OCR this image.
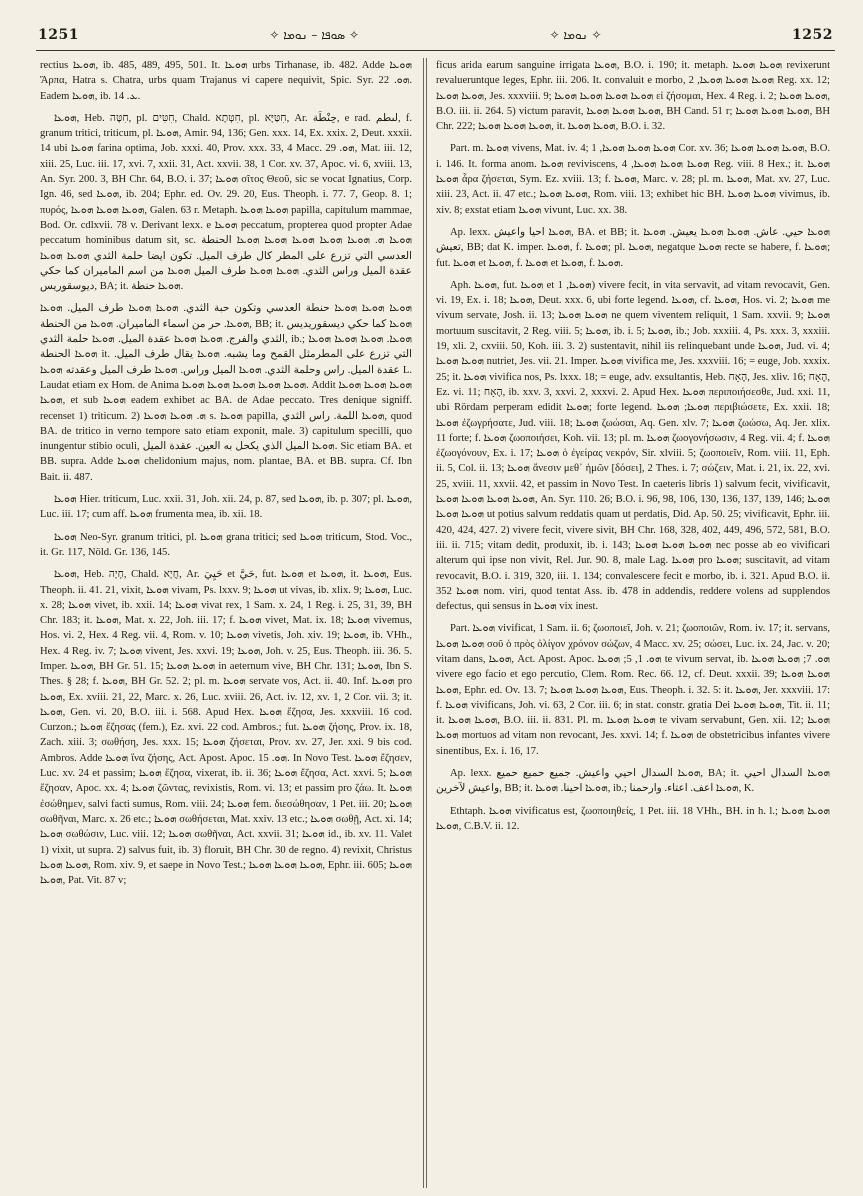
1251	✧ ܣܘܦܐ – ܢܘܡܐ ✧	✧ ܢܘܡܐ ✧	1252

rectius ܗܘܥܐ, ib. 485, 489, 495, 501. It. ܗܘܥܐ urbs Tirhanase, ib. 482. Adde ܗܘܥܐ Ἄρπα, Hatra s. Chatra, urbs quam Trajanus vi capere nequivit, Spic. Syr. ܗܘ. 22. Eadem ܗܘܥܐ, ib. ܥ. 14.

ܗܘܥܐ, Heb. חִטָּה, pl. חִטִּים, Chald. חִטְּתָא, pl. חִטַּיָּא, Ar. حِنْطَة, e rad. لىطم, f. granum tritici, triticum, pl. ܗܘܥܐ, Amir. 94, 136; Gen. xxx. 14, Ex. xxix. 2, Deut. xxxii. 14 ubi ܗܘܥܐ farina optima, Job. xxxi. 40, Prov. xxx. 33, 4 Macc. ܗܘ. 29, Mat. iii. 12, xiii. 25, Luc. iii. 17, xvi. 7, xxii. 31, Act. xxvii. 38, 1 Cor. xv. 37, Apoc. vi. 6, xviii. 13, An. Syr. 200. 3, BH Chr. 64, B.O. i. 37; ܗܘܥܐ σῖτος Θεοῦ, sic se vocat Ignatius, Corp. Ign. 46, sed ܗܘܥܐ, ib. 204; Ephr. ed. Ov. 29. 20, Eus. Theoph. i. 77. 7, Geop. 8. 1; πυρός, ܗܘܥܐ ܗܘܥܐ ܗܘܥܐ, Galen. 63 r. Metaph. ܗܘܥܐ ܗܘܥܐ papilla, capitulum mammae, Bod. Or. cdlxvii. 78 v. Derivant lexx. e ܗܘܥܐ peccatum, propterea quod propter Adae peccatum hominibus datum sit, sc. ܗܘܥܐ ܗ. ܗܘܥܐ ܗܘܥܐ ܗܘܥܐ ܗܘܥܐ ܗܘܥܐ الحنطة العدسي التي تزرع على المطر كال طرف الميل. تكون ايضا حلمة الثدي ܗܘܥܐ ܗܘܥܐ عقدة الميل وراس الثدي. ܗܘܥܐ ܗܘܥܐ طرف الميل ܗܘܥܐ من اسم الماميران كما حكي ديوسقوريس, BA; it. ܗܘܥܐ حنطة.

ܗܘܥܐ ܗܘܥܐ ܗܘܥܐ حنطة العدسي وتكون حبة الثدي. ܗܘܥܐ ܗܘܥܐ طرف الميل. ܗܘܥܐ ܗܘܥܐ. حر من اسماء الماميران. ܗܘܥܐ من الحنطة, BB; it. ܗܘܥܐ كما حكي ديسقوريديس الثدي والفرج. ܗܘܥܐ ܗܘܥܐ عقدة الميل. ܗܘܥܐ حلمة الثدي, ib.; ܗܘܥܐ. ܗܘܥܐ ܗܘܥܐ ܗܘܥܐ ܗܘܥܐ الحنطة it. التي تزرع على المطرمثل القمح وما يشبه. ܗܘܥܐ يقال طرف الميل. عقدة الميل. راس وحلمة الثدي. ܗܘܥܐ الميل وراس. ܗܘܥܐ طرف الميل وعقدته ܗܘܥܐ L. Laudat etiam ex Hom. de Anima ܗܘܥܐ ܗܘܥܐ ܗܘܥܐ ܗܘܥܐ ܗܘܥܐ. Addit ܗܘܥܐ ܗܘܥܐ ܗܘܥܐ ܗܘܥܐ, et sub ܗܘܥܐ eadem exhibet ac BA. de Adae peccato. Tres denique signiff. recenset 1) triticum. 2) ܗ. ܗܘܥܐ ܗܘܥܐ s. ܗܘܥܐ papilla, ܗܘܥܐ اللمة. راس الثدي, quod BA. de tritico in verno tempore sato etiam exponit, male. 3) capitulum specilli, quo inungentur stibio oculi, ܗܘܥܐ الميل الذي يكحل به العين. عقدة الميل. Sic etiam BA. et BB. supra. Adde ܗܘܥܐ chelidonium majus, nom. plantae, BA. et BB. supra. Cf. Ibn Bait. ii. 487.

ܗܘܥܐ Hier. triticum, Luc. xxii. 31, Joh. xii. 24, p. 87, sed ܗܘܥܐ, ib. p. 307; pl. ܗܘܥܐ, Luc. iii. 17; cum aff. ܗܘܥܐ frumenta mea, ib. xii. 18.

ܗܘܥܐ Neo-Syr. granum tritici, pl. ܗܘܥܐ grana tritici; sed ܗܘܥܐ triticum, Stod. Voc., it. Gr. 117, Nöld. Gr. 136, 145.

ܗܘܥܐ, Heb. חָיָה, Chald. חֲיָא, Ar. حَيِيَ et حَيَّ, fut. ܗܘܥܐ et ܗܘܥܐ, it. ܗܘܥܐ, Eus. Theoph. ii. 41. 21, vixit, ܗܘܥܐ vivam, Ps. lxxv. 9; ܗܘܥܐ ut vivas, ib. xlix. 9; ܗܘܥܐ, Luc. x. 28; ܗܘܥܐ vivet, ib. xxii. 14; ܗܘܥܐ vivat rex, 1 Sam. x. 24, 1 Reg. i. 25, 31, 39, BH Chr. 183; it. ܗܘܥܐ, Mat. x. 22, Joh. iii. 17; f. ܗܘܥܐ vivet, Mat. ix. 18; ܗܘܥܐ vivemus, Hos. vi. 2, Hex. 4 Reg. vii. 4, Rom. v. 10; ܗܘܥܐ vivetis, Joh. xiv. 19; ܗܘܥܐ, ib. VHh., Hex. 4 Reg. iv. 7; ܗܘܥܐ vivent, Jes. xxvi. 19; ܗܘܥܐ, Joh. v. 25, Eus. Theoph. iii. 36. 5. Imper. ܗܘܥܐ, BH Gr. 51. 15; ܗܘܥܐ ܗܘܥܐ in aeternum vive, BH Chr. 131; ܗܘܥܐ, Ibn S. Thes. § 28; f. ܗܘܥܐ, BH Gr. 52. 2; pl. m. ܗܘܥܐ servate vos, Act. ii. 40. Inf. ܗܘܥܐ pro ܗܘܥܐ, Ex. xviii. 21, 22, Marc. x. 26, Luc. xviii. 26, Act. iv. 12, xv. 1, 2 Cor. vii. 3; it. ܗܘܥܐ, Gen. vi. 20, B.O. iii. i. 568. Apud Hex. ܗܘܥܐ ἔζησα, Jes. xxxviii. 16 cod. Curzon.; ܗܘܥܐ ἔζησας (fem.), Ez. xvi. 22 cod. Ambros.; fut. ܗܘܥܐ ζήσης, Prov. ix. 18, Zach. xiii. 3; σωθήση, Jes. xxx. 15; ܗܘܥܐ ζήσεται, Prov. xv. 27, Jer. xxi. 9 bis cod. Ambros. Adde ܗܘܥܐ ἵνα ζήσης, Act. Apost. Apoc. ܗܘ. 15. In Novo Test. ܗܘܥܐ ἔζησεν, Luc. xv. 24 et passim; ܗܘܥܐ ἔζησα, vixerat, ib. ii. 36; ܗܘܥܐ ἔζησα, Act. xxvi. 5; ܗܘܥܐ ἔζησαν, Apoc. xx. 4; ܗܘܥܐ ζῶντας, revixistis, Rom. vi. 13; et passim pro ζάω. It. ܗܘܥܐ ἐσώθημεν, salvi facti sumus, Rom. viii. 24; ܗܘܥܐ fem. διεσώθησαν, 1 Pet. iii. 20; ܗܘܥܐ σωθῆναι, Marc. x. 26 etc.; ܗܘܥܐ σωθήσεται, Mat. xxiv. 13 etc.; ܗܘܥܐ σωθῇ, Act. xi. 14; ܗܘܥܐ σωθώσιν, Luc. viii. 12; ܗܘܥܐ σωθῆναι, Act. xxvii. 31; ܗܘܥܐ id., ib. xv. 11. Valet 1) vixit, ut supra. 2) salvus fuit, ib. 3) floruit, BH Chr. 30 de regno. 4) revixit, Christus ܗܘܥܐ ܗܘܥܐ, Rom. xiv. 9, et saepe in Novo Test.; ܗܘܥܐ ܗܘܥܐ ܗܘܥܐ, Ephr. iii. 605; ܗܘܥܐ ܗܘܥܐ, Pat. Vit. 87 v;

ficus arida earum sanguine irrigata ܗܘܥܐ, B.O. i. 190; it. metaph. ܗܘܥܐ ܗܘܥܐ revixerunt revalueruntque leges, Ephr. iii. 206. It. convaluit e morbo, ܗܘܥܐ ܗܘܥܐ ܗܘܥܐ, 2 Reg. xx. 12; ܗܘܥܐ ܗܘܥܐ, Jes. xxxviii. 9; ܗܘܥܐ ܗܘܥܐ ܗܘܥܐ ܗܘܥܐ εἰ ζήσομαι, Hex. 4 Reg. i. 2; ܗܘܥܐ ܗܘܥܐ, B.O. iii. ii. 264. 5) victum paravit, ܗܘܥܐ ܗܘܥܐ ܗܘܥܐ, BH Cand. 51 r; ܗܘܥܐ ܗܘܥܐ ܗܘܥܐ, BH Chr. 222; ܗܘܥܐ ܗܘܥܐ ܗܘܥܐ, it. ܗܘܥܐ ܗܘܥܐ, B.O. i. 32.

Part. m. ܗܘܥܐ vivens, Mat. iv. 4; ܗܘܥܐ ܗܘܥܐ ܗܘܥܐ, 1 Cor. xv. 36; ܗܘܥܐ ܗܘܥܐ ܗܘܥܐ, B.O. i. 146. It. forma anom. ܗܘܥܐ reviviscens, ܗܘܥܐ ܗܘܥܐ ܗܘܥܐ, 4 Reg. viii. 8 Hex.; it. ܗܘܥܐ ܗܘܥܐ ἆρα ζήσεται, Sym. Ez. xviii. 13; f. ܗܘܥܐ, Marc. v. 28; pl. m. ܗܘܥܐ, Mat. xv. 27, Luc. xiii. 23, Act. ii. 47 etc.; ܗܘܥܐ ܗܘܥܐ, Rom. viii. 13; exhibet hic BH. ܗܘܥܐ ܗܘܥܐ vivimus, ib. xiv. 8; exstat etiam ܗܘܥܐ vivunt, Luc. xx. 38.

Ap. lexx. ܗܘܥܐ احيا واعيش, BA. et BB; it. ܗܘܥܐ حيي. عاش. ܗܘܥܐ ܗܘܥܐ يعيش. ܗܘܥܐ تعيش, BB; dat K. imper. ܗܘܥܐ, f. ܗܘܥܐ; pl. ܗܘܥܐ, negatque ܗܘܥܐ recte se habere, f. ܗܘܥܐ; fut. ܗܘܥܐ et ܗܘܥܐ, f. ܗܘܥܐ et ܗܘܥܐ, f. ܗܘܥܐ.

Aph. ܗܘܥܐ, fut. ܗܘܥܐ et ܗܘܥܐ, 1) vivere fecit, in vita servavit, ad vitam revocavit, Gen. vi. 19, Ex. i. 18; ܗܘܥܐ, Deut. xxx. 6, ubi forte legend. ܗܘܥܐ, cf. ܗܘܥܐ, Hos. vi. 2; ܗܘܥܐ me vivum servate, Josh. ii. 13; ܗܘܥܐ ܗܘܥܐ ne quem viventem reliquit, 1 Sam. xxvii. 9; ܗܘܥܐ mortuum suscitavit, 2 Reg. viii. 5; ܗܘܥܐ, ib. i. 5; ܗܘܥܐ, ib.; Job. xxxiii. 4, Ps. xxx. 3, xxxiii. 19, xli. 2, cxviii. 50, Koh. iii. 3. 2) sustentavit, nihil iis relinquebant unde ܗܘܥܐ, Jud. vi. 4; ܗܘܥܐ ܗܘܥܐ nutriet, Jes. vii. 21. Imper. ܗܘܥܐ vivifica me, Jes. xxxviii. 16; = euge, Job. xxxix. 25; it. ܗܘܥܐ vivifica nos, Ps. lxxx. 18; = euge, adv. exsultantis, Heb. הֶאָח, Jes. xliv. 16; הֶאָח, Ez. vi. 11; הֶאָח, ib. xxv. 3, xxvi. 2, xxxvi. 2. Apud Hex. ܗܘܥܐ περιποιήσεσθε, Jud. xxi. 11, ubi Rördam perperam edidit ܗܘܥܐ; forte legend. ܗܘܥܐ; ܗܘܥܐ περιβιώσετε, Ex. xxii. 18; ܗܘܥܐ ἐζωγρήσατε, Jud. viii. 18; ܗܘܥܐ ζωώσαι, Aq. Gen. xlv. 7; ܗܘܥܐ ζωώσω, Aq. Jer. xlix. 11 forte; f. ܗܘܥܐ ζωοποιήσει, Koh. vii. 13; pl. m. ܗܘܥܐ ζωογονήσωσιν, 4 Reg. vii. 4; f. ܗܘܥܐ ἐζωογόνουν, Ex. i. 17; ܗܘܥܐ ὁ ἐγείρας νεκρόν, Sir. xlviii. 5; ζωοποιεῖν, Rom. viii. 11, Eph. ii. 5, Col. ii. 13; ܗܘܥܐ ἄνεσιν μεθ᾽ ἡμῶν [δόσει], 2 Thes. i. 7; σώζειν, Mat. i. 21, ix. 22, xvi. 25, xviii. 11, xxvii. 42, et passim in Novo Test. In caeteris libris 1) salvum fecit, vivificavit, ܗܘܥܐ ܗܘܥܐ ܗܘܥܐ ܗܘܥܐ, An. Syr. 110. 26; B.O. i. 96, 98, 106, 130, 136, 137, 139, 146; ܗܘܥܐ ܗܘܥܐ ܗܘܥܐ ut potius salvum reddatis quam ut perdatis, Did. Ap. 50. 25; vivificavit, Ephr. iii. 420, 424, 427. 2) vivere fecit, vivere sivit, BH Chr. 168, 328, 402, 449, 496, 572, 581, B.O. iii. ii. 715; vitam dedit, produxit, ib. i. 143; ܗܘܥܐ ܗܘܥܐ ܗܘܥܐ nec posse ab eo vivificari alterum qui ipse non vivit, Rel. Jur. 90. 8, male Lag. ܗܘܥܐ pro ܗܘܥܐ; suscitavit, ad vitam revocavit, B.O. i. 319, 320, iii. 1. 134; convalescere fecit e morbo, ib. i. 321. Apud B.O. ii. 352 ܗܘܥܐ nom. viri, quod tentat Ass. ib. 478 in addendis, reddere volens ad supplendos defectus, qui sensus in ܗܘܥܐ vix inest.

Part. ܗܘܥܐ vivificat, 1 Sam. ii. 6; ζωοποιεῖ, Joh. v. 21; ζωοποιῶν, Rom. iv. 17; it. servans, ܗܘܥܐ ܗܘܥܐ σοῦ ὁ πρὸς ὀλίγον χρόνον σώζων, 4 Macc. xv. 25; σώσει, Luc. ix. 24, Jac. v. 20; vitam dans, ܗܘܥܐ, Act. Apost. Apoc. ܗܘ. 1, 5; ܗܘܥܐ te vivum servat, ib. ܗܘ. 7; ܗܘܥܐ ܗܘܥܐ vivere ego facio et ego percutio, Clem. Rom. Rec. 66. 12, cf. Deut. xxxii. 39; ܗܘܥܐ ܗܘܥܐ ܗܘܥܐ, Ephr. ed. Ov. 13. 7; ܗܘܥܐ ܗܘܥܐ ܗܘܥܐ, Eus. Theoph. i. 32. 5: it. ܗܘܥܐ, Jer. xxxviii. 17: f. ܗܘܥܐ vivificans, Joh. vi. 63, 2 Cor. iii. 6; in stat. constr. gratia Dei ܗܘܥܐ ܗܘܥܐ, Tit. ii. 11; it. ܗܘܥܐ ܗܘܥܐ, B.O. iii. ii. 831. Pl. m. ܗܘܥܐ ܗܘܥܐ te vivam servabunt, Gen. xii. 12; ܗܘܥܐ ܗܘܥܐ mortuos ad vitam non revocant, Jes. xxvi. 14; f. ܗܘܥܐ de obstetricibus infantes vivere sinentibus, Ex. i. 16, 17.

Ap. lexx. ܗܘܥܐ السدال احيي واعيش. جميع حميع حميع, BA; it. ܗܘܥܐ السدال احيي واعيش لآخرين, BB; it. ܗܘܥܐ احينا. ܗܘܥܐ, ib.; ܗܘܥܐ اعف. اعتاء. وارحمنا, K.

Ethtaph. ܗܘܥܐ vivificatus est, ζωοποιηθείς, 1 Pet. iii. 18 VHh., BH. in h. l.; ܗܘܥܐ ܗܘܥܐ ܗܘܥܐ, C.B.V. ii. 12.
